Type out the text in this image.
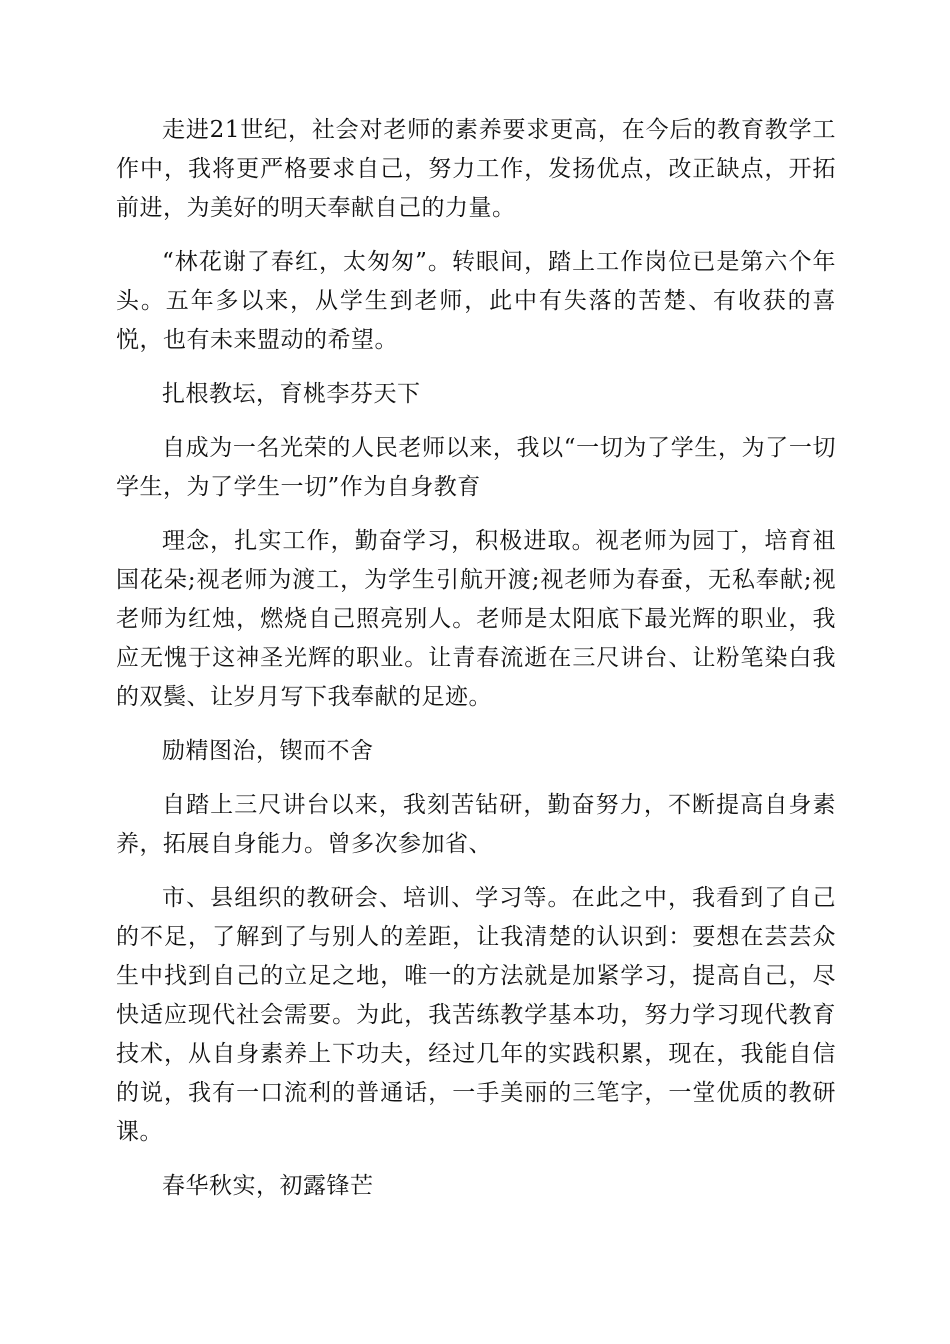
走进21世纪，社会对老师的素养要求更高，在今后的教育教学工作中，我将更严格要求自己，努力工作，发扬优点，改正缺点，开拓前进，为美好的明天奉献自己的力量。

“林花谢了春红，太匆匆”。转眼间，踏上工作岗位已是第六个年头。五年多以来，从学生到老师，此中有失落的苦楚、有收获的喜悦，也有未来盟动的希望。

扎根教坛，育桃李芬天下

自成为一名光荣的人民老师以来，我以“一切为了学生，为了一切学生，为了学生一切”作为自身教育

理念，扎实工作，勤奋学习，积极进取。视老师为园丁，培育祖国花朵;视老师为渡工，为学生引航开渡;视老师为春蚕，无私奉献;视老师为红烛，燃烧自己照亮别人。老师是太阳底下最光辉的职业，我应无愧于这神圣光辉的职业。让青春流逝在三尺讲台、让粉笔染白我的双鬓、让岁月写下我奉献的足迹。

励精图治，锲而不舍

自踏上三尺讲台以来，我刻苦钻研，勤奋努力，不断提高自身素养，拓展自身能力。曾多次参加省、

市、县组织的教研会、培训、学习等。在此之中，我看到了自己的不足，了解到了与别人的差距，让我清楚的认识到：要想在芸芸众生中找到自己的立足之地，唯一的方法就是加紧学习，提高自己，尽快适应现代社会需要。为此，我苦练教学基本功，努力学习现代教育技术，从自身素养上下功夫，经过几年的实践积累，现在，我能自信的说，我有一口流利的普通话，一手美丽的三笔字，一堂优质的教研课。

春华秋实，初露锋芒
